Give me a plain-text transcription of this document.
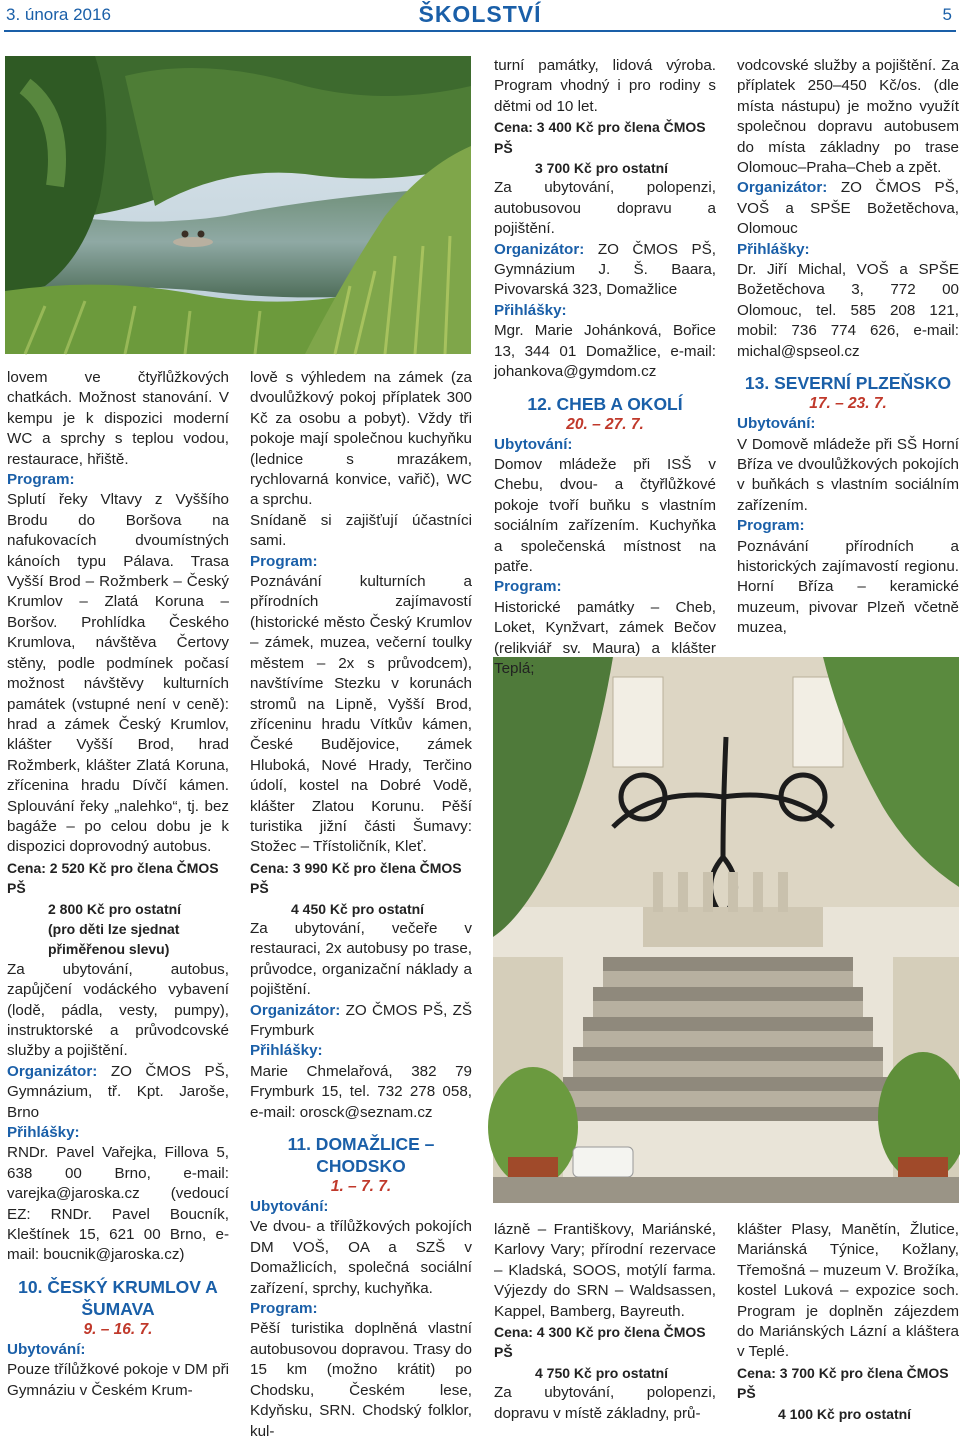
3. února 2016	ŠKOLSTVÍ	5

lovem ve čtyřlůžkových chatkách. Možnost stanování. V kempu je k dispozici moderní WC a sprchy s teplou vodou, restaurace, hřiště.

Program:

Splutí řeky Vltavy z Vyššího Brodu do Boršova na nafukovacích dvoumístných kánoích typu Pálava. Trasa Vyšší Brod – Rožmberk – Český Krumlov – Zlatá Koruna – Boršov. Prohlídka Českého Krumlova, návštěva Čertovy stěny, podle podmínek počasí možnost návštěvy kulturních památek (vstupné není v ceně): hrad a zámek Český Krumlov, klášter Vyšší Brod, hrad Rožmberk, klášter Zlatá Koruna, zřícenina hradu Dívčí kámen. Splouvání řeky „nalehko“, tj. bez bagáže – po celou dobu je k dispozici doprovodný autobus.

Cena: 2 520 Kč pro člena ČMOS PŠ
2 800 Kč pro ostatní
(pro děti lze sjednat
přiměřenou slevu)

Za ubytování, autobus, zapůjčení vodáckého vybavení (lodě, pádla, vesty, pumpy), instruktorské a průvodcovské služby a pojištění.

Organizátor: ZO ČMOS PŠ, Gymnázium, tř. Kpt. Jaroše, Brno

Přihlášky:

RNDr. Pavel Vařejka, Fillova 5, 638 00 Brno, e-mail: varejka@jaroska.cz (vedoucí EZ: RNDr. Pavel Boucník, Kleštínek 15, 621 00 Brno, e-mail: boucnik@jaroska.cz)

10. ČESKÝ KRUMLOV A ŠUMAVA
9. – 16. 7.
Ubytování:

Pouze třílůžkové pokoje v DM při Gymnáziu v Českém Krum-

lově s výhledem na zámek (za dvoulůžkový pokoj příplatek 300 Kč za osobu a pobyt). Vždy tři pokoje mají společnou kuchyňku (lednice s mrazákem, rychlovarná konvice, vařič), WC a sprchu.

Snídaně si zajišťují účastníci sami.

Program:

Poznávání kulturních a přírodních zajímavostí (historické město Český Krumlov – zámek, muzea, večerní toulky městem – 2x s průvodcem), navštívíme Stezku v korunách stromů na Lipně, Vyšší Brod, zříceninu hradu Vítkův kámen, České Budějovice, zámek Hluboká, Nové Hrady, Terčino údolí, kostel na Dobré Vodě, klášter Zlatou Korunu. Pěší turistika jižní části Šumavy: Stožec – Třístoličník, Kleť.

Cena: 3 990 Kč pro člena ČMOS PŠ
4 450 Kč pro ostatní

Za ubytování, večeře v restauraci, 2x autobusy po trase, průvodce, organizační náklady a pojištění.

Organizátor: ZO ČMOS PŠ, ZŠ Frymburk

Přihlášky:

Marie Chmelařová, 382 79 Frymburk 15, tel. 732 278 058, e-mail: orosck@seznam.cz

11. DOMAŽLICE – CHODSKO
1. – 7. 7.
Ubytování:

Ve dvou- a třílůžkových pokojích DM VOŠ, OA a SZŠ v Domažlicích, společná sociální zařízení, sprchy, kuchyňka.

Program:

Pěší turistika doplněná vlastní autobusovou dopravou. Trasy do 15 km (možno krátit) po Chodsku, Českém lese, Kdyňsku, SRN. Chodský folklor, kul-

turní památky, lidová výroba. Program vhodný i pro rodiny s dětmi od 10 let.

Cena: 3 400 Kč pro člena ČMOS PŠ
3 700 Kč pro ostatní

Za ubytování, polopenzi, autobusovou dopravu a pojištění.

Organizátor: ZO ČMOS PŠ, Gymnázium J. Š. Baara, Pivovarská 323, Domažlice

Přihlášky:

Mgr. Marie Johánková, Bořice 13, 344 01 Domažlice, e-mail: johankova@gymdom.cz

12. CHEB A OKOLÍ
20. – 27. 7.
Ubytování:

Domov mládeže při ISŠ v Chebu, dvou- a čtyřlůžkové pokoje tvoří buňku s vlastním sociálním zařízením. Kuchyňka a společenská místnost na patře.

Program:

Historické památky – Cheb, Loket, Kynžvart, zámek Bečov (relikviář sv. Maura) a klášter Teplá;

lázně – Františkovy, Mariánské, Karlovy Vary; přírodní rezervace – Kladská, SOOS, motýlí farma. Výjezdy do SRN – Waldsassen, Kappel, Bamberg, Bayreuth.

Cena: 4 300 Kč pro člena ČMOS PŠ
4 750 Kč pro ostatní

Za ubytování, polopenzi, dopravu v místě základny, prů-

vodcovské služby a pojištění. Za příplatek 250–450 Kč/os. (dle místa nástupu) je možno využít společnou dopravu autobusem do místa základny po trase Olomouc–Praha–Cheb a zpět.

Organizátor: ZO ČMOS PŠ, VOŠ a SPŠE Božetěchova, Olomouc

Přihlášky:

Dr. Jiří Michal, VOŠ a SPŠE Božetěchova 3, 772 00 Olomouc, tel. 585 208 121, mobil: 736 774 626, e-mail: michal@spseol.cz

13. SEVERNÍ PLZEŇSKO
17. – 23. 7.
Ubytování:

V Domově mládeže při SŠ Horní Bříza ve dvoulůžkových pokojích v buňkách s vlastním sociálním zařízením.

Program:

Poznávání přírodních a historických zajímavostí regionu. Horní Bříza – keramické muzeum, pivovar Plzeň včetně muzea,

klášter Plasy, Manětín, Žlutice, Mariánská Týnice, Kožlany, Třemošná – muzeum V. Brožíka, kostel Luková – expozice soch. Program je doplněn zájezdem do Mariánských Lázní a kláštera v Teplé.

Cena: 3 700 Kč pro člena ČMOS PŠ
4 100 Kč pro ostatní
